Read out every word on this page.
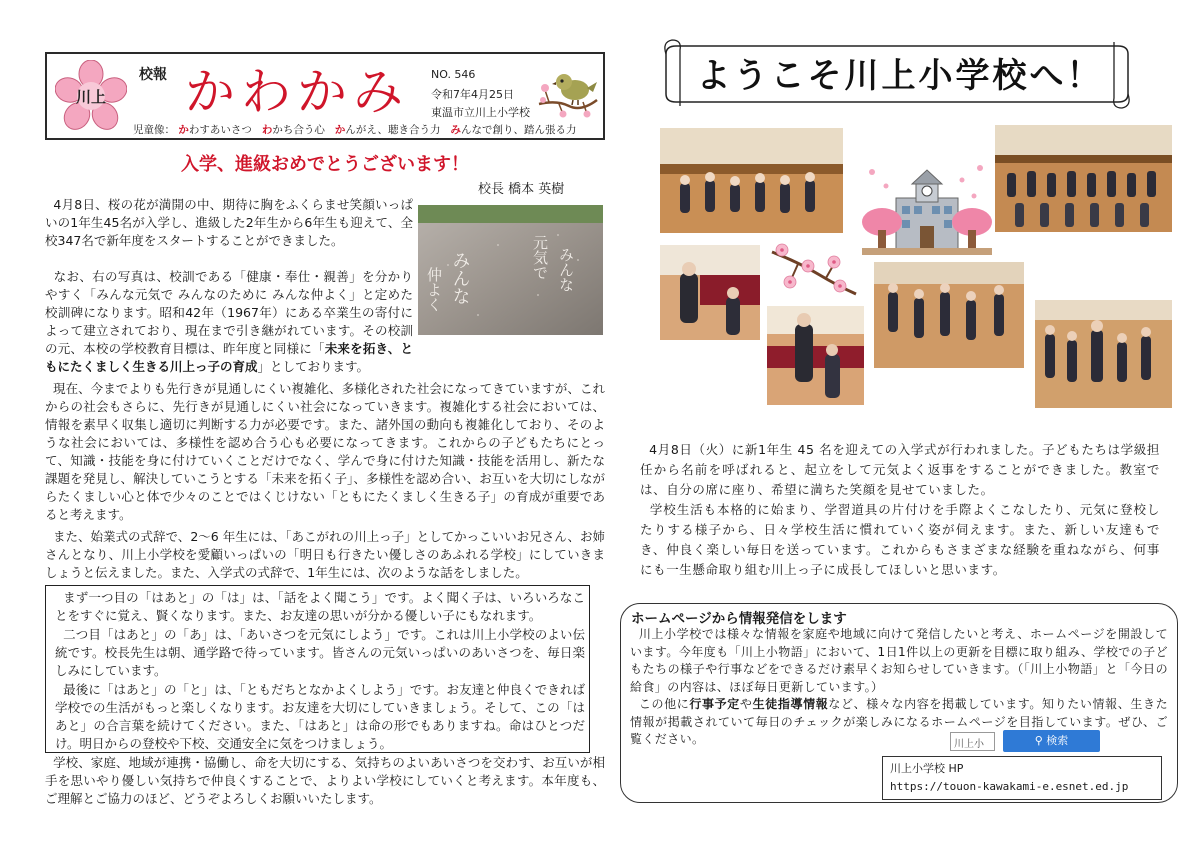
川上
校報 かわかみ NO. 546
令和7年4月25日
東温市立川上小学校
児童像： かわすあいさつ わかち合う心 かんがえ、聴き合う力 みんなで創り、踏ん張る力
入学、進級おめでとうございます！
校長 橋本 英樹
みんな
元気で
みんな
仲よく
4月8日、桜の花が満開の中、期待に胸をふくらませ笑顔いっぱいの1年生45名が入学し、進級した2年生から6年生も迎えて、全校347名で新年度をスタートすることができました。
なお、右の写真は、校訓である「健康・奉仕・親善」を分かりやすく「みんな元気で みんなのために みんな仲よく」と定めた校訓碑になります。昭和42年（1967年）にある卒業生の寄付によって建立されており、現在まで引き継がれています。その校訓の元、本校の学校教育目標は、昨年度と同様に「未来を拓き、ともにたくましく生きる川上っ子の育成」としております。
現在、今までよりも先行きが見通しにくい複雑化、多様化された社会になってきていますが、これからの社会もさらに、先行きが見通しにくい社会になっていきます。複雑化する社会においては、情報を素早く収集し適切に判断する力が必要です。また、諸外国の動向も複雑化しており、そのような社会においては、多様性を認め合う心も必要になってきます。これからの子どもたちにとって、知識・技能を身に付けていくことだけでなく、学んで身に付けた知識・技能を活用し、新たな課題を発見し、解決していこうとする「未来を拓く子」、多様性を認め合い、お互いを大切にしながらたくましい心と体で少々のことではくじけない「ともにたくましく生きる子」の育成が重要であると考えます。
また、始業式の式辞で、2～6 年生には、「あこがれの川上っ子」としてかっこいいお兄さん、お姉さんとなり、川上小学校を愛顧いっぱいの「明日も行きたい優しさのあふれる学校」にしていきましょうと伝えました。また、入学式の式辞で、1年生には、次のような話をしました。
まず一つ目の「はあと」の「は」は、「話をよく聞こう」です。よく聞く子は、いろいろなことをすぐに覚え、賢くなります。また、お友達の思いが分かる優しい子にもなれます。
二つ目「はあと」の「あ」は、「あいさつを元気にしよう」です。これは川上小学校のよい伝統です。校長先生は朝、通学路で待っています。皆さんの元気いっぱいのあいさつを、毎日楽しみにしています。
最後に「はあと」の「と」は、「ともだちとなかよくしよう」です。お友達と仲良くできれば学校での生活がもっと楽しくなります。お友達を大切にしていきましょう。そして、この「はあと」の合言葉を続けてください。また、「はあと」は命の形でもありますね。命はひとつだけ。明日からの登校や下校、交通安全に気をつけましょう。
学校、家庭、地域が連携・協働し、命を大切にする、気持ちのよいあいさつを交わす、お互いが相手を思いやり優しい気持ちで仲良くすることで、よりよい学校にしていくと考えます。本年度も、ご理解とご協力のほど、どうぞよろしくお願いいたします。
ようこそ川上小学校へ！

4月8日（火）に新1年生 45 名を迎えての入学式が行われました。子どもたちは学級担任から名前を呼ばれると、起立をして元気よく返事をすることができました。教室では、自分の席に座り、希望に満ちた笑顔を見せていました。

学校生活も本格的に始まり、学習道具の片付けを手際よくこなしたり、元気に登校したりする様子から、日々学校生活に慣れていく姿が伺えます。また、新しい友達もでき、仲良く楽しい毎日を送っています。これからもさまざまな経験を重ねながら、何事にも一生懸命取り組む川上っ子に成長してほしいと思います。

ホームページから情報発信をします

川上小学校では様々な情報を家庭や地域に向けて発信したいと考え、ホームページを開設しています。今年度も「川上小物語」において、1日1件以上の更新を目標に取り組み、学校での子どもたちの様子や行事などをできるだけ素早くお知らせしていきます。（「川上小物語」と「今日の給食」の内容は、ほぼ毎日更新しています。）

この他に行事予定や生徒指導情報など、様々な内容を掲載しています。知りたい情報、生きた情報が掲載されていて毎日のチェックが楽しみになるホームページを目指しています。ぜひ、ご覧ください。	川上小	⚲ 検索
川上小学校 HP
https://touon-kawakami-e.esnet.ed.jp
